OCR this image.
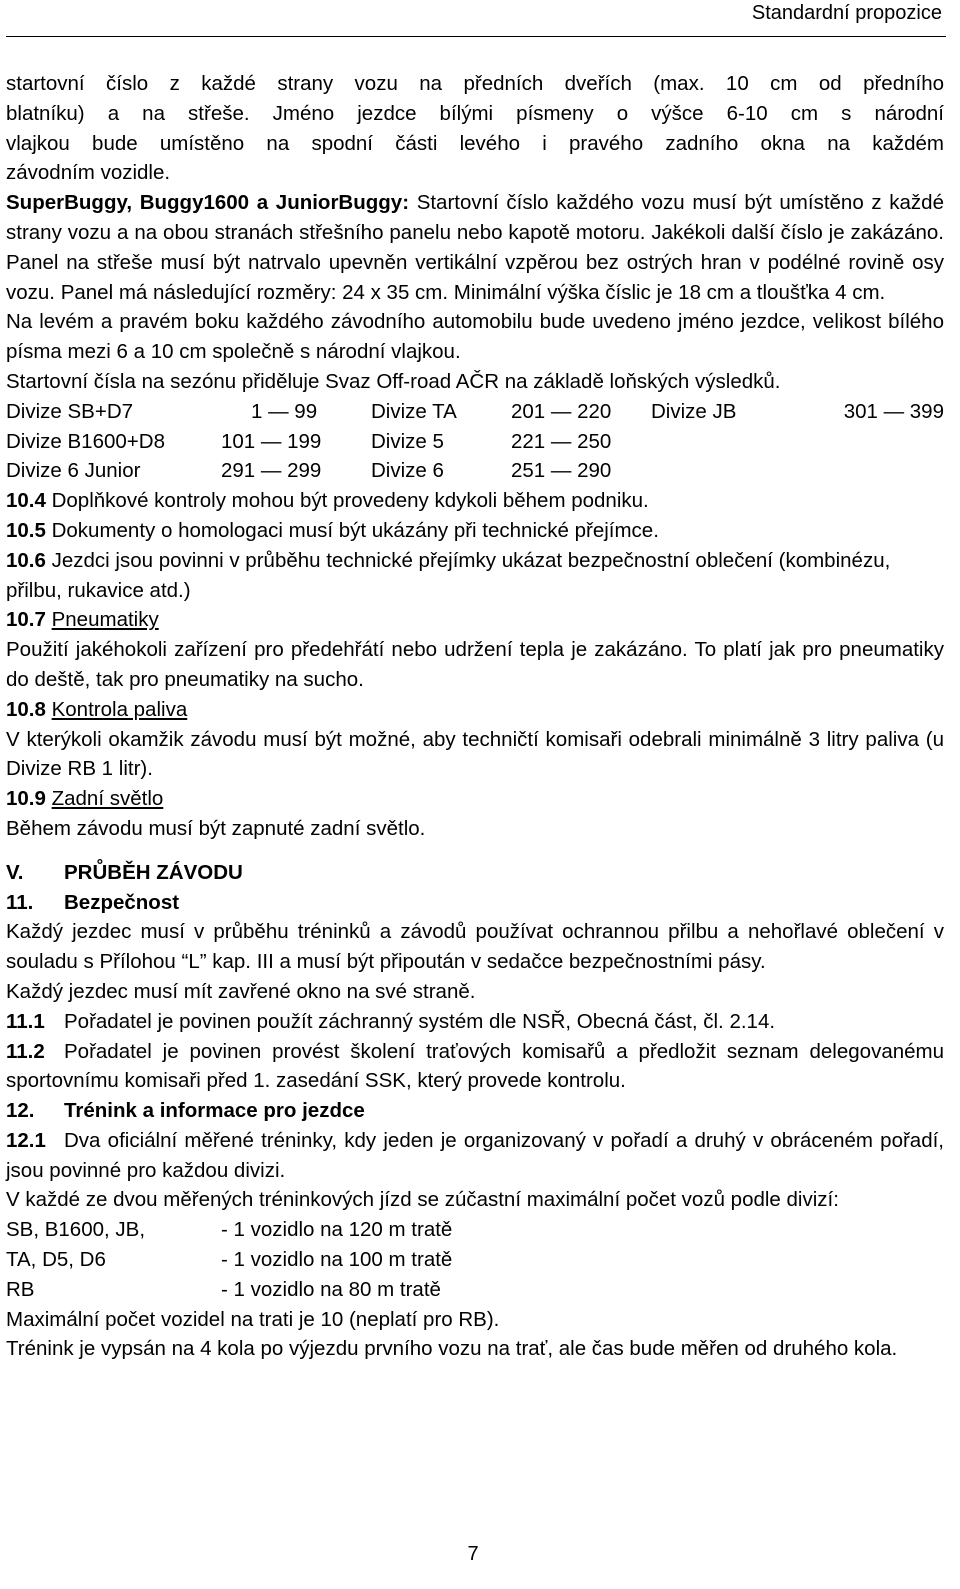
Standardní propozice

startovní číslo z každé strany vozu na předních dveřích (max. 10 cm od předního

blatníku) a na střeše. Jméno jezdce bílými písmeny o výšce 6-10 cm s národní

vlajkou bude umístěno na spodní části levého i pravého zadního okna na každém

závodním vozidle.

SuperBuggy, Buggy1600 a JuniorBuggy: Startovní číslo každého vozu musí být umístěno z každé strany vozu a na obou stranách střešního panelu nebo kapotě motoru. Jakékoli další číslo je zakázáno. Panel na střeše musí být natrvalo upevněn vertikální vzpěrou bez ostrých hran v podélné rovině osy vozu. Panel má následující rozměry: 24 x 35 cm. Minimální výška číslic je 18 cm a tloušťka 4 cm.

Na levém a pravém boku každého závodního automobilu bude uvedeno jméno jezdce, velikost bílého písma mezi 6 a 10 cm společně s národní vlajkou.

Startovní čísla na sezónu přiděluje Svaz Off-road AČR na základě loňských výsledků.

Divize SB+D7	1 — 99	Divize TA	201 — 220	Divize JB	301 — 399
Divize B1600+D8	101 — 199	Divize 5	221 — 250
Divize 6 Junior	291 — 299	Divize 6	251 — 290

10.4 Doplňkové kontroly mohou být provedeny kdykoli během podniku.

10.5 Dokumenty o homologaci musí být ukázány při technické přejímce.

10.6 Jezdci jsou povinni v průběhu technické přejímky ukázat bezpečnostní oblečení (kombinézu, přilbu, rukavice atd.)

10.7 Pneumatiky

Použití jakéhokoli zařízení pro předehřátí nebo udržení tepla je zakázáno. To platí jak pro pneumatiky do deště, tak pro pneumatiky na sucho.

10.8 Kontrola paliva

V kterýkoli okamžik závodu musí být možné, aby techničtí komisaři odebrali minimálně 3 litry paliva (u Divize RB 1 litr).

10.9 Zadní světlo

Během závodu musí být zapnuté zadní světlo.

V. PRŮBĚH ZÁVODU

11. Bezpečnost

Každý jezdec musí v průběhu tréninků a závodů používat ochrannou přilbu a nehořlavé oblečení v souladu s Přílohou “L” kap. III a musí být připoután v sedačce bezpečnostními pásy.

Každý jezdec musí mít zavřené okno na své straně.

11.1 Pořadatel je povinen použít záchranný systém dle NSŘ, Obecná část, čl. 2.14.

11.2 Pořadatel je povinen provést školení traťových komisařů a předložit seznam delegovanému sportovnímu komisaři před 1. zasedání SSK, který provede kontrolu.

12. Trénink a informace pro jezdce

12.1 Dva oficiální měřené tréninky, kdy jeden je organizovaný v pořadí a druhý v obráceném pořadí, jsou povinné pro každou divizi.

V každé ze dvou měřených tréninkových jízd se zúčastní maximální počet vozů podle divizí:

SB, B1600, JB,	- 1 vozidlo na 120 m tratě
TA, D5, D6	- 1 vozidlo na 100 m tratě
RB	- 1 vozidlo na 80 m tratě

Maximální počet vozidel na trati je 10 (neplatí pro RB).

Trénink je vypsán na 4 kola po výjezdu prvního vozu na trať, ale čas bude měřen od druhého kola.

7
